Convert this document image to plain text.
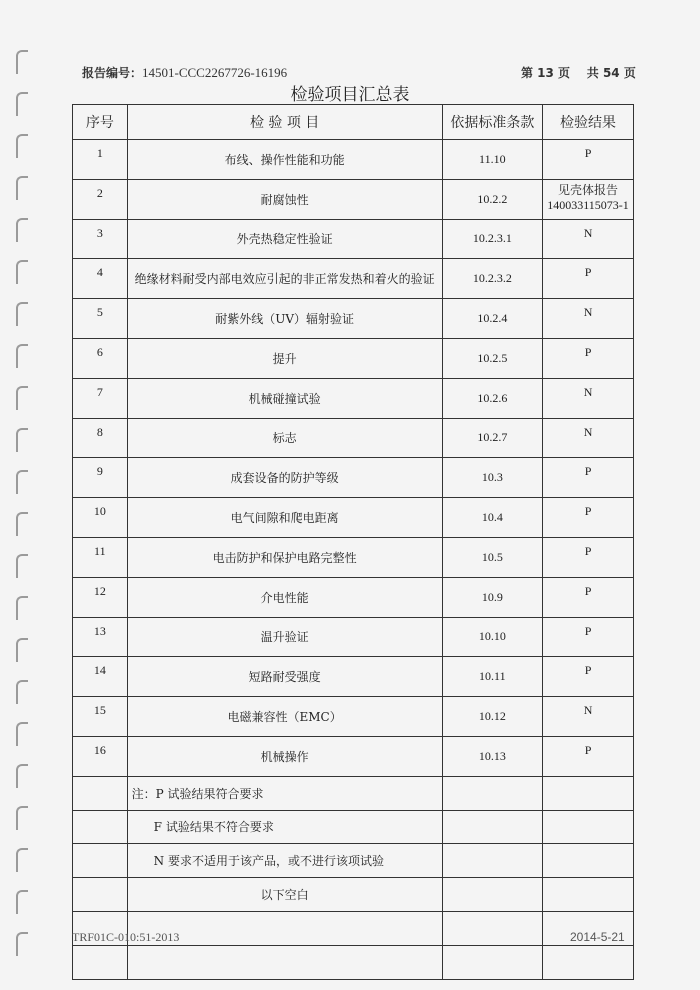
报告编号：14501-CCC2267726-16196	第 13 页    共 54 页
检验项目汇总表
序号	检 验 项 目	依据标准条款	检验结果
1	布线、操作性能和功能	11.10	P
2	耐腐蚀性	10.2.2	见壳体报告
140033115073-1
3	外壳热稳定性验证	10.2.3.1	N
4	绝缘材料耐受内部电效应引起的非正常发热和着火的验证	10.2.3.2	P
5	耐紫外线（UV）辐射验证	10.2.4	N
6	提升	10.2.5	P
7	机械碰撞试验	10.2.6	N
8	标志	10.2.7	N
9	成套设备的防护等级	10.3	P
10	电气间隙和爬电距离	10.4	P
11	电击防护和保护电路完整性	10.5	P
12	介电性能	10.9	P
13	温升验证	10.10	P
14	短路耐受强度	10.11	P
15	电磁兼容性（EMC）	10.12	N
16	机械操作	10.13	P
	注：P 试验结果符合要求		
	F 试验结果不符合要求		
	N 要求不适用于该产品，或不进行该项试验		
	以下空白		

TRF01C-010:51-2013	2014-5-21
